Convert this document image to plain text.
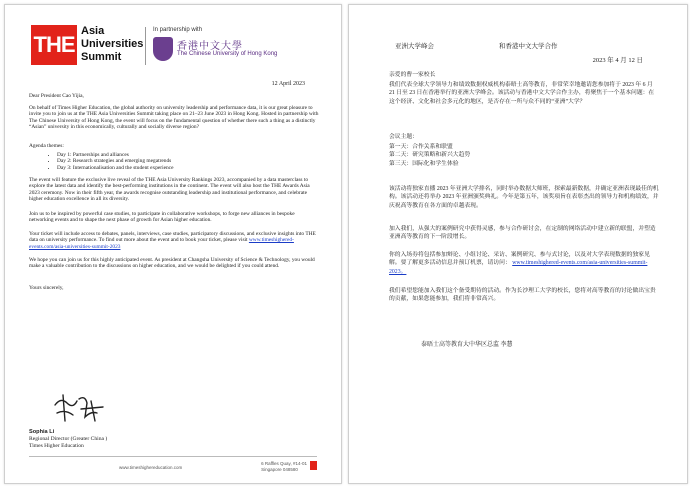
THE
Asia
Universities
Summit
In partnership with
香港中文大學
The Chinese University of Hong Kong
12 April 2023

Dear President Cao Yijia,

On behalf of Times Higher Education, the global authority on university leadership and performance data, it is our great pleasure to invite you to join us at the THE Asia Universities Summit taking place on 21–23 June 2023 in Hong Kong. Hosted in partnership with The Chinese University of Hong Kong, the event will focus on the fundamental question of whether there such a thing as a distinctly “Asian” university in this economically, culturally and socially diverse region?

Agenda themes:

• Day 1: Partnerships and alliances
• Day 2: Research strategies and emerging megatrends
• Day 3: Internationalisation and the student experience

The event will feature the exclusive live reveal of the THE Asia University Rankings 2023, accompanied by a data masterclass to explore the latest data and identify the best-performing institutions in the continent. The event will also host the THE Awards Asia 2023 ceremony. Now in their fifth year, the awards recognise outstanding leadership and institutional performance, and celebrate higher education excellence in all its diversity.

Join us to be inspired by powerful case studies, to participate in collaborative workshops, to forge new alliances in bespoke networking events and to shape the next phase of growth for Asian higher education.

Your ticket will include access to debates, panels, interviews, case studies, participatory discussions, and exclusive insights into THE data on university performance. To find out more about the event and to book your ticket, please visit www.timeshighered-events.com/asia-universities-summit-2023

We hope you can join us for this highly anticipated event. As president at Changsha University of Science & Technology, you would make a valuable contribution to the discussions on higher education, and we would be delighted if you could attend.

Yours sincerely,

Sophia Li
Regional Director (Greater China )
Times Higher Education
www.timeshighereducation.com
6 Raffles Quay, #14-01
Singapore 048580
亚洲大学峰会	和香港中文大学合作
2023 年 4 月 12 日

亲爱的曹一家校长

我们代表全球大学领导力和绩效数据权威机构泰晤士高等教育，非常荣幸地邀请您参加将于 2023 年 6 月 21 日至 23 日在香港举行的亚洲大学峰会。该活动与香港中文大学合作主办，将聚焦于一个基本问题：在这个经济、文化和社会多元化的地区，是否存在一所与众不同的“亚洲”大学？

会议主题：

第一天：合作关系和联盟
第二天：研究策略和新兴大趋势
第三天：国际化和学生体验

该活动将独家直播 2023 年亚洲大学排名，同时举办数据大师班，探索最新数据，并确定亚洲表现最佳的机构。该活动还将举办 2023 年亚洲颁奖典礼。今年是第五年，该奖项旨在表彰杰出的领导力和机构绩效，并庆祝高等教育在各方面的卓越表现。

加入我们，从强大的案例研究中获得灵感，参与合作研讨会，在定制的网络活动中建立新的联盟，并塑造亚洲高等教育的下一阶段增长。

你的入场券将包括参加辩论、小组讨论、采访、案例研究、参与式讨论，以及对大学表现数据的独家见解。要了解更多活动信息并预订机票，请访问： www.timeshighered-events.com/asia-universities-summit-2023。

我们希望您能加入我们这个备受期待的活动。作为长沙理工大学的校长，您将对高等教育的讨论做出宝贵的贡献，如果您能参加，我们将非常高兴。

泰晤士高等教育大中华区总监 李慧
